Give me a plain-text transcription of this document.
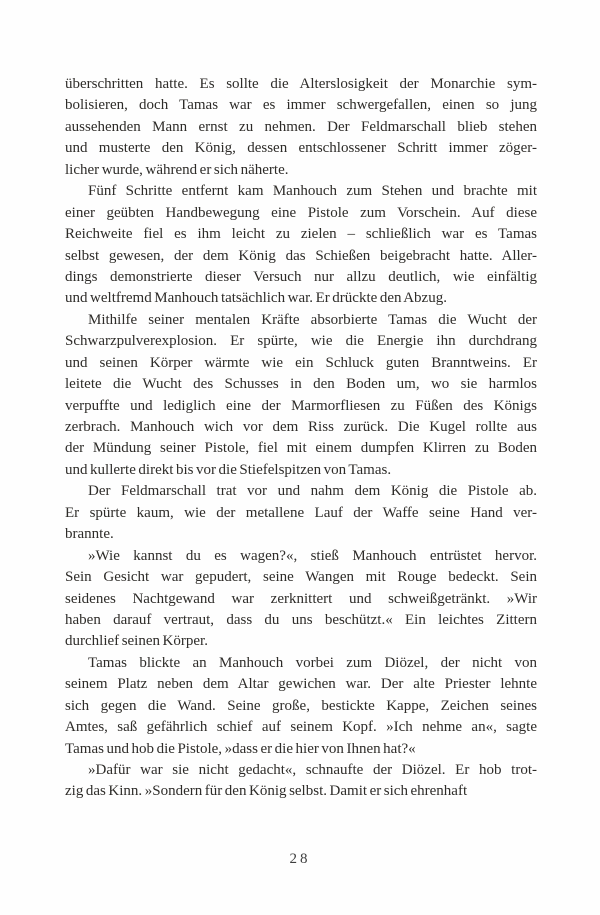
überschritten hatte. Es sollte die Alterslosigkeit der Monarchie sym-
bolisieren, doch Tamas war es immer schwergefallen, einen so jung
aussehenden Mann ernst zu nehmen. Der Feldmarschall blieb stehen
und musterte den König, dessen entschlossener Schritt immer zöger-
licher wurde, während er sich näherte.
Fünf Schritte entfernt kam Manhouch zum Stehen und brachte mit
einer geübten Handbewegung eine Pistole zum Vorschein. Auf diese
Reichweite fiel es ihm leicht zu zielen – schließlich war es Tamas
selbst gewesen, der dem König das Schießen beigebracht hatte. Aller-
dings demonstrierte dieser Versuch nur allzu deutlich, wie einfältig
und weltfremd Manhouch tatsächlich war. Er drückte den Abzug.
Mithilfe seiner mentalen Kräfte absorbierte Tamas die Wucht der
Schwarzpulverexplosion. Er spürte, wie die Energie ihn durchdrang
und seinen Körper wärmte wie ein Schluck guten Branntweins. Er
leitete die Wucht des Schusses in den Boden um, wo sie harmlos
verpuffte und lediglich eine der Marmorfliesen zu Füßen des Königs
zerbrach. Manhouch wich vor dem Riss zurück. Die Kugel rollte aus
der Mündung seiner Pistole, fiel mit einem dumpfen Klirren zu Boden
und kullerte direkt bis vor die Stiefelspitzen von Tamas.
Der Feldmarschall trat vor und nahm dem König die Pistole ab.
Er spürte kaum, wie der metallene Lauf der Waffe seine Hand ver-
brannte.
»Wie kannst du es wagen?«, stieß Manhouch entrüstet hervor.
Sein Gesicht war gepudert, seine Wangen mit Rouge bedeckt. Sein
seidenes Nachtgewand war zerknittert und schweißgetränkt. »Wir
haben darauf vertraut, dass du uns beschützt.« Ein leichtes Zittern
durchlief seinen Körper.
Tamas blickte an Manhouch vorbei zum Diözel, der nicht von
seinem Platz neben dem Altar gewichen war. Der alte Priester lehnte
sich gegen die Wand. Seine große, bestickte Kappe, Zeichen seines
Amtes, saß gefährlich schief auf seinem Kopf. »Ich nehme an«, sagte
Tamas und hob die Pistole, »dass er die hier von Ihnen hat?«
»Dafür war sie nicht gedacht«, schnaufte der Diözel. Er hob trot-
zig das Kinn. »Sondern für den König selbst. Damit er sich ehrenhaft
28
